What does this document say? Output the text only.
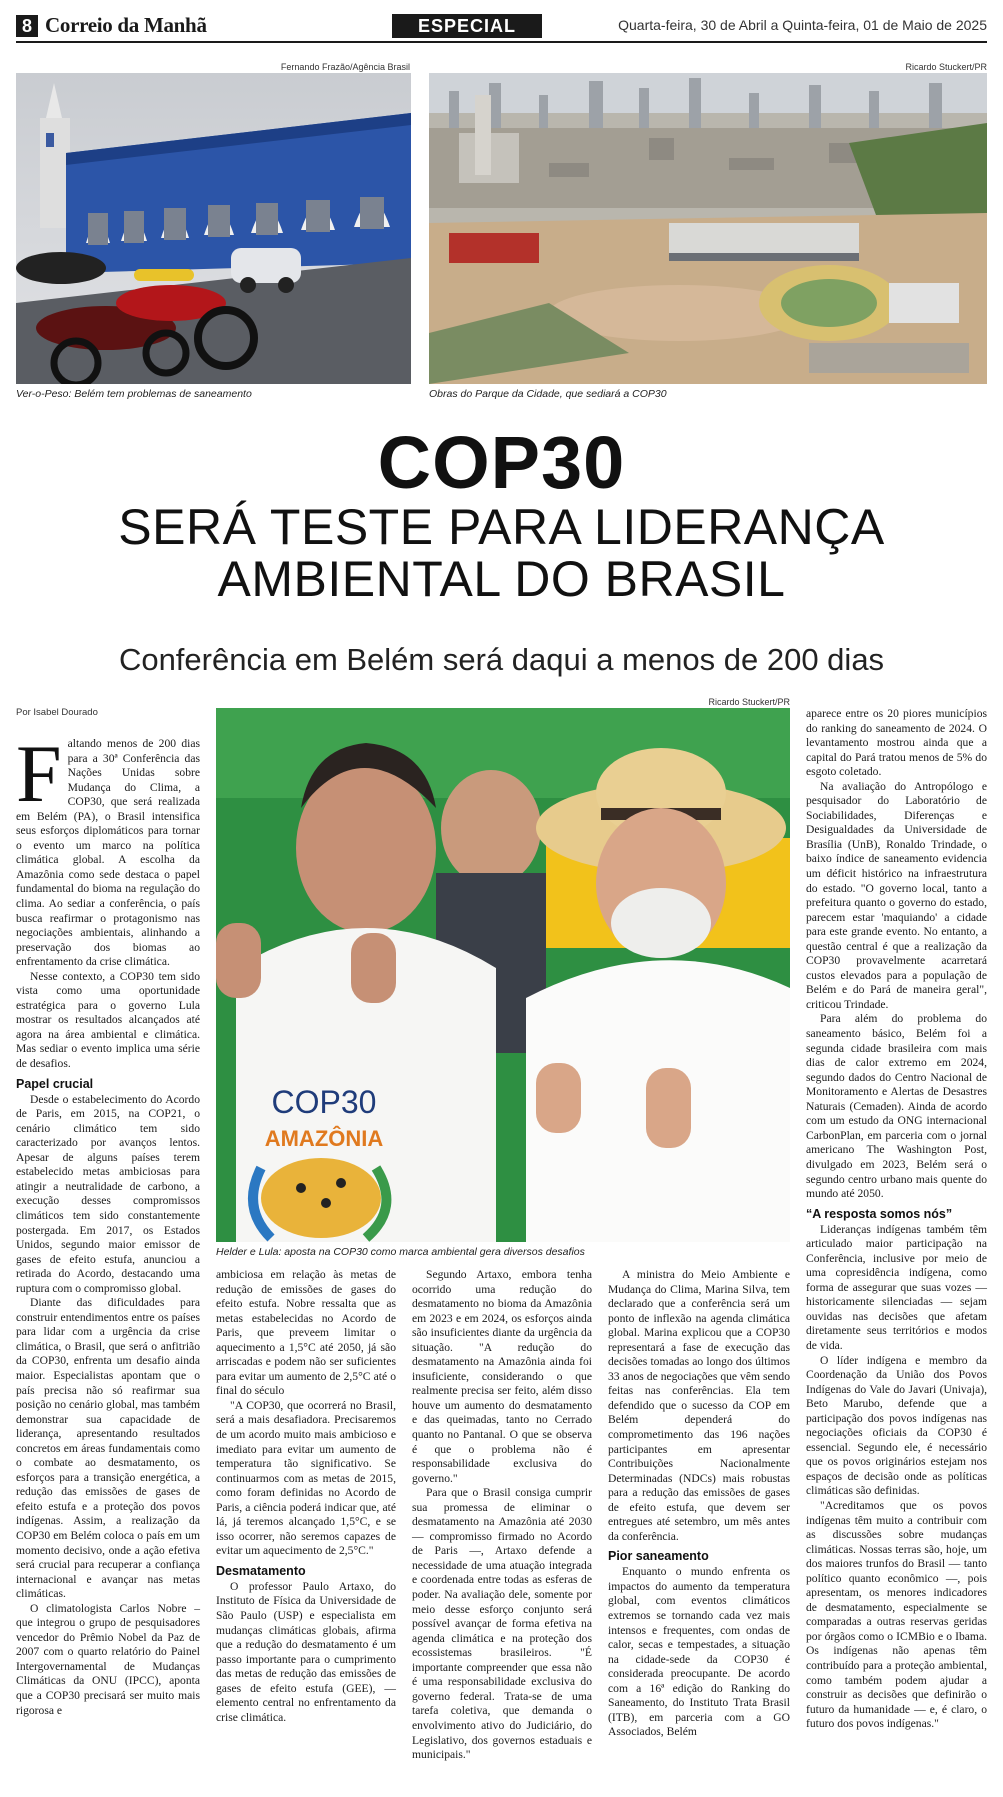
8 Correio da Manhã	ESPECIAL	Quarta-feira, 30 de Abril a Quinta-feira, 01 de Maio de 2025
Fernando Frazão/Agência Brasil
Ver-o-Peso: Belém tem problemas de saneamento
Ricardo Stuckert/PR
Obras do Parque da Cidade, que sediará a COP30
COP30
SERÁ TESTE PARA LIDERANÇA
AMBIENTAL DO BRASIL
Conferência em Belém será daqui a menos de 200 dias
Por Isabel Dourado
Ricardo Stuckert/PR
COP30
AMAZÔNIA
Helder e Lula: aposta na COP30 como marca ambiental gera diversos desafios

Faltando menos de 200 dias para a 30ª Conferência das Nações Unidas sobre Mudança do Clima, a COP30, que será realizada em Belém (PA), o Brasil intensifica seus esforços diplomáticos para tornar o evento um marco na política climática global. A escolha da Amazônia como sede destaca o papel fundamental do bioma na regulação do clima. Ao sediar a conferência, o país busca reafirmar o protagonismo nas negociações ambientais, alinhando a preservação dos biomas ao enfrentamento da crise climática.

Nesse contexto, a COP30 tem sido vista como uma oportunidade estratégica para o governo Lula mostrar os resultados alcançados até agora na área ambiental e climática. Mas sediar o evento implica uma série de desafios.

Papel crucial

Desde o estabelecimento do Acordo de Paris, em 2015, na COP21, o cenário climático tem sido caracterizado por avanços lentos. Apesar de alguns países terem estabelecido metas ambiciosas para atingir a neutralidade de carbono, a execução desses compromissos climáticos tem sido constantemente postergada. Em 2017, os Estados Unidos, segundo maior emissor de gases de efeito estufa, anunciou a retirada do Acordo, destacando uma ruptura com o compromisso global.

Diante das dificuldades para construir entendimentos entre os países para lidar com a urgência da crise climática, o Brasil, que será o anfitrião da COP30, enfrenta um desafio ainda maior. Especialistas apontam que o país precisa não só reafirmar sua posição no cenário global, mas também demonstrar sua capacidade de liderança, apresentando resultados concretos em áreas fundamentais como o combate ao desmatamento, os esforços para a transição energética, a redução das emissões de gases de efeito estufa e a proteção dos povos indígenas. Assim, a realização da COP30 em Belém coloca o país em um momento decisivo, onde a ação efetiva será crucial para recuperar a confiança internacional e avançar nas metas climáticas.

O climatologista Carlos Nobre – que integrou o grupo de pesquisadores vencedor do Prêmio Nobel da Paz de 2007 com o quarto relatório do Painel Intergovernamental de Mudanças Climáticas da ONU (IPCC), aponta que a COP30 precisará ser muito mais rigorosa e

ambiciosa em relação às metas de redução de emissões de gases do efeito estufa. Nobre ressalta que as metas estabelecidas no Acordo de Paris, que preveem limitar o aquecimento a 1,5°C até 2050, já são arriscadas e podem não ser suficientes para evitar um aumento de 2,5°C até o final do século

"A COP30, que ocorrerá no Brasil, será a mais desafiadora. Precisaremos de um acordo muito mais ambicioso e imediato para evitar um aumento de temperatura tão significativo. Se continuarmos com as metas de 2015, como foram definidas no Acordo de Paris, a ciência poderá indicar que, até lá, já teremos alcançado 1,5°C, e se isso ocorrer, não seremos capazes de evitar um aquecimento de 2,5°C."

Desmatamento

O professor Paulo Artaxo, do Instituto de Física da Universidade de São Paulo (USP) e especialista em mudanças climáticas globais, afirma que a redução do desmatamento é um passo importante para o cumprimento das metas de redução das emissões de gases de efeito estufa (GEE), — elemento central no enfrentamento da crise climática.

Segundo Artaxo, embora tenha ocorrido uma redução do desmatamento no bioma da Amazônia em 2023 e em 2024, os esforços ainda são insuficientes diante da urgência da situação. "A redução do desmatamento na Amazônia ainda foi insuficiente, considerando o que realmente precisa ser feito, além disso houve um aumento do desmatamento e das queimadas, tanto no Cerrado quanto no Pantanal. O que se observa é que o problema não é responsabilidade exclusiva do governo."

Para que o Brasil consiga cumprir sua promessa de eliminar o desmatamento na Amazônia até 2030 — compromisso firmado no Acordo de Paris —, Artaxo defende a necessidade de uma atuação integrada e coordenada entre todas as esferas de poder. Na avaliação dele, somente por meio desse esforço conjunto será possível avançar de forma efetiva na agenda climática e na proteção dos ecossistemas brasileiros. "É importante compreender que essa não é uma responsabilidade exclusiva do governo federal. Trata-se de uma tarefa coletiva, que demanda o envolvimento ativo do Judiciário, do Legislativo, dos governos estaduais e municipais."

A ministra do Meio Ambiente e Mudança do Clima, Marina Silva, tem declarado que a conferência será um ponto de inflexão na agenda climática global. Marina explicou que a COP30 representará a fase de execução das decisões tomadas ao longo dos últimos 33 anos de negociações que vêm sendo feitas nas conferências. Ela tem defendido que o sucesso da COP em Belém dependerá do comprometimento das 196 nações participantes em apresentar Contribuições Nacionalmente Determinadas (NDCs) mais robustas para a redução das emissões de gases de efeito estufa, que devem ser entregues até setembro, um mês antes da conferência.

Pior saneamento

Enquanto o mundo enfrenta os impactos do aumento da temperatura global, com eventos climáticos extremos se tornando cada vez mais intensos e frequentes, com ondas de calor, secas e tempestades, a situação na cidade-sede da COP30 é considerada preocupante. De acordo com a 16ª edição do Ranking do Saneamento, do Instituto Trata Brasil (ITB), em parceria com a GO Associados, Belém

aparece entre os 20 piores municípios do ranking do saneamento de 2024. O levantamento mostrou ainda que a capital do Pará tratou menos de 5% do esgoto coletado.

Na avaliação do Antropólogo e pesquisador do Laboratório de Sociabilidades, Diferenças e Desigualdades da Universidade de Brasília (UnB), Ronaldo Trindade, o baixo índice de saneamento evidencia um déficit histórico na infraestrutura do estado. "O governo local, tanto a prefeitura quanto o governo do estado, parecem estar 'maquiando' a cidade para este grande evento. No entanto, a questão central é que a realização da COP30 provavelmente acarretará custos elevados para a população de Belém e do Pará de maneira geral", criticou Trindade.

Para além do problema do saneamento básico, Belém foi a segunda cidade brasileira com mais dias de calor extremo em 2024, segundo dados do Centro Nacional de Monitoramento e Alertas de Desastres Naturais (Cemaden). Ainda de acordo com um estudo da ONG internacional CarbonPlan, em parceria com o jornal americano The Washington Post, divulgado em 2023, Belém será o segundo centro urbano mais quente do mundo até 2050.

“A resposta somos nós”

Lideranças indígenas também têm articulado maior participação na Conferência, inclusive por meio de uma copresidência indígena, como forma de assegurar que suas vozes — historicamente silenciadas — sejam ouvidas nas decisões que afetam diretamente seus territórios e modos de vida.

O líder indígena e membro da Coordenação da União dos Povos Indígenas do Vale do Javari (Univaja), Beto Marubo, defende que a participação dos povos indígenas nas negociações oficiais da COP30 é essencial. Segundo ele, é necessário que os povos originários estejam nos espaços de decisão onde as políticas climáticas são definidas.

"Acreditamos que os povos indígenas têm muito a contribuir com as discussões sobre mudanças climáticas. Nossas terras são, hoje, um dos maiores trunfos do Brasil — tanto político quanto econômico —, pois apresentam, os menores indicadores de desmatamento, especialmente se comparadas a outras reservas geridas por órgãos como o ICMBio e o Ibama. Os indígenas não apenas têm contribuído para a proteção ambiental, como também podem ajudar a construir as decisões que definirão o futuro da humanidade — e, é claro, o futuro dos povos indígenas."
